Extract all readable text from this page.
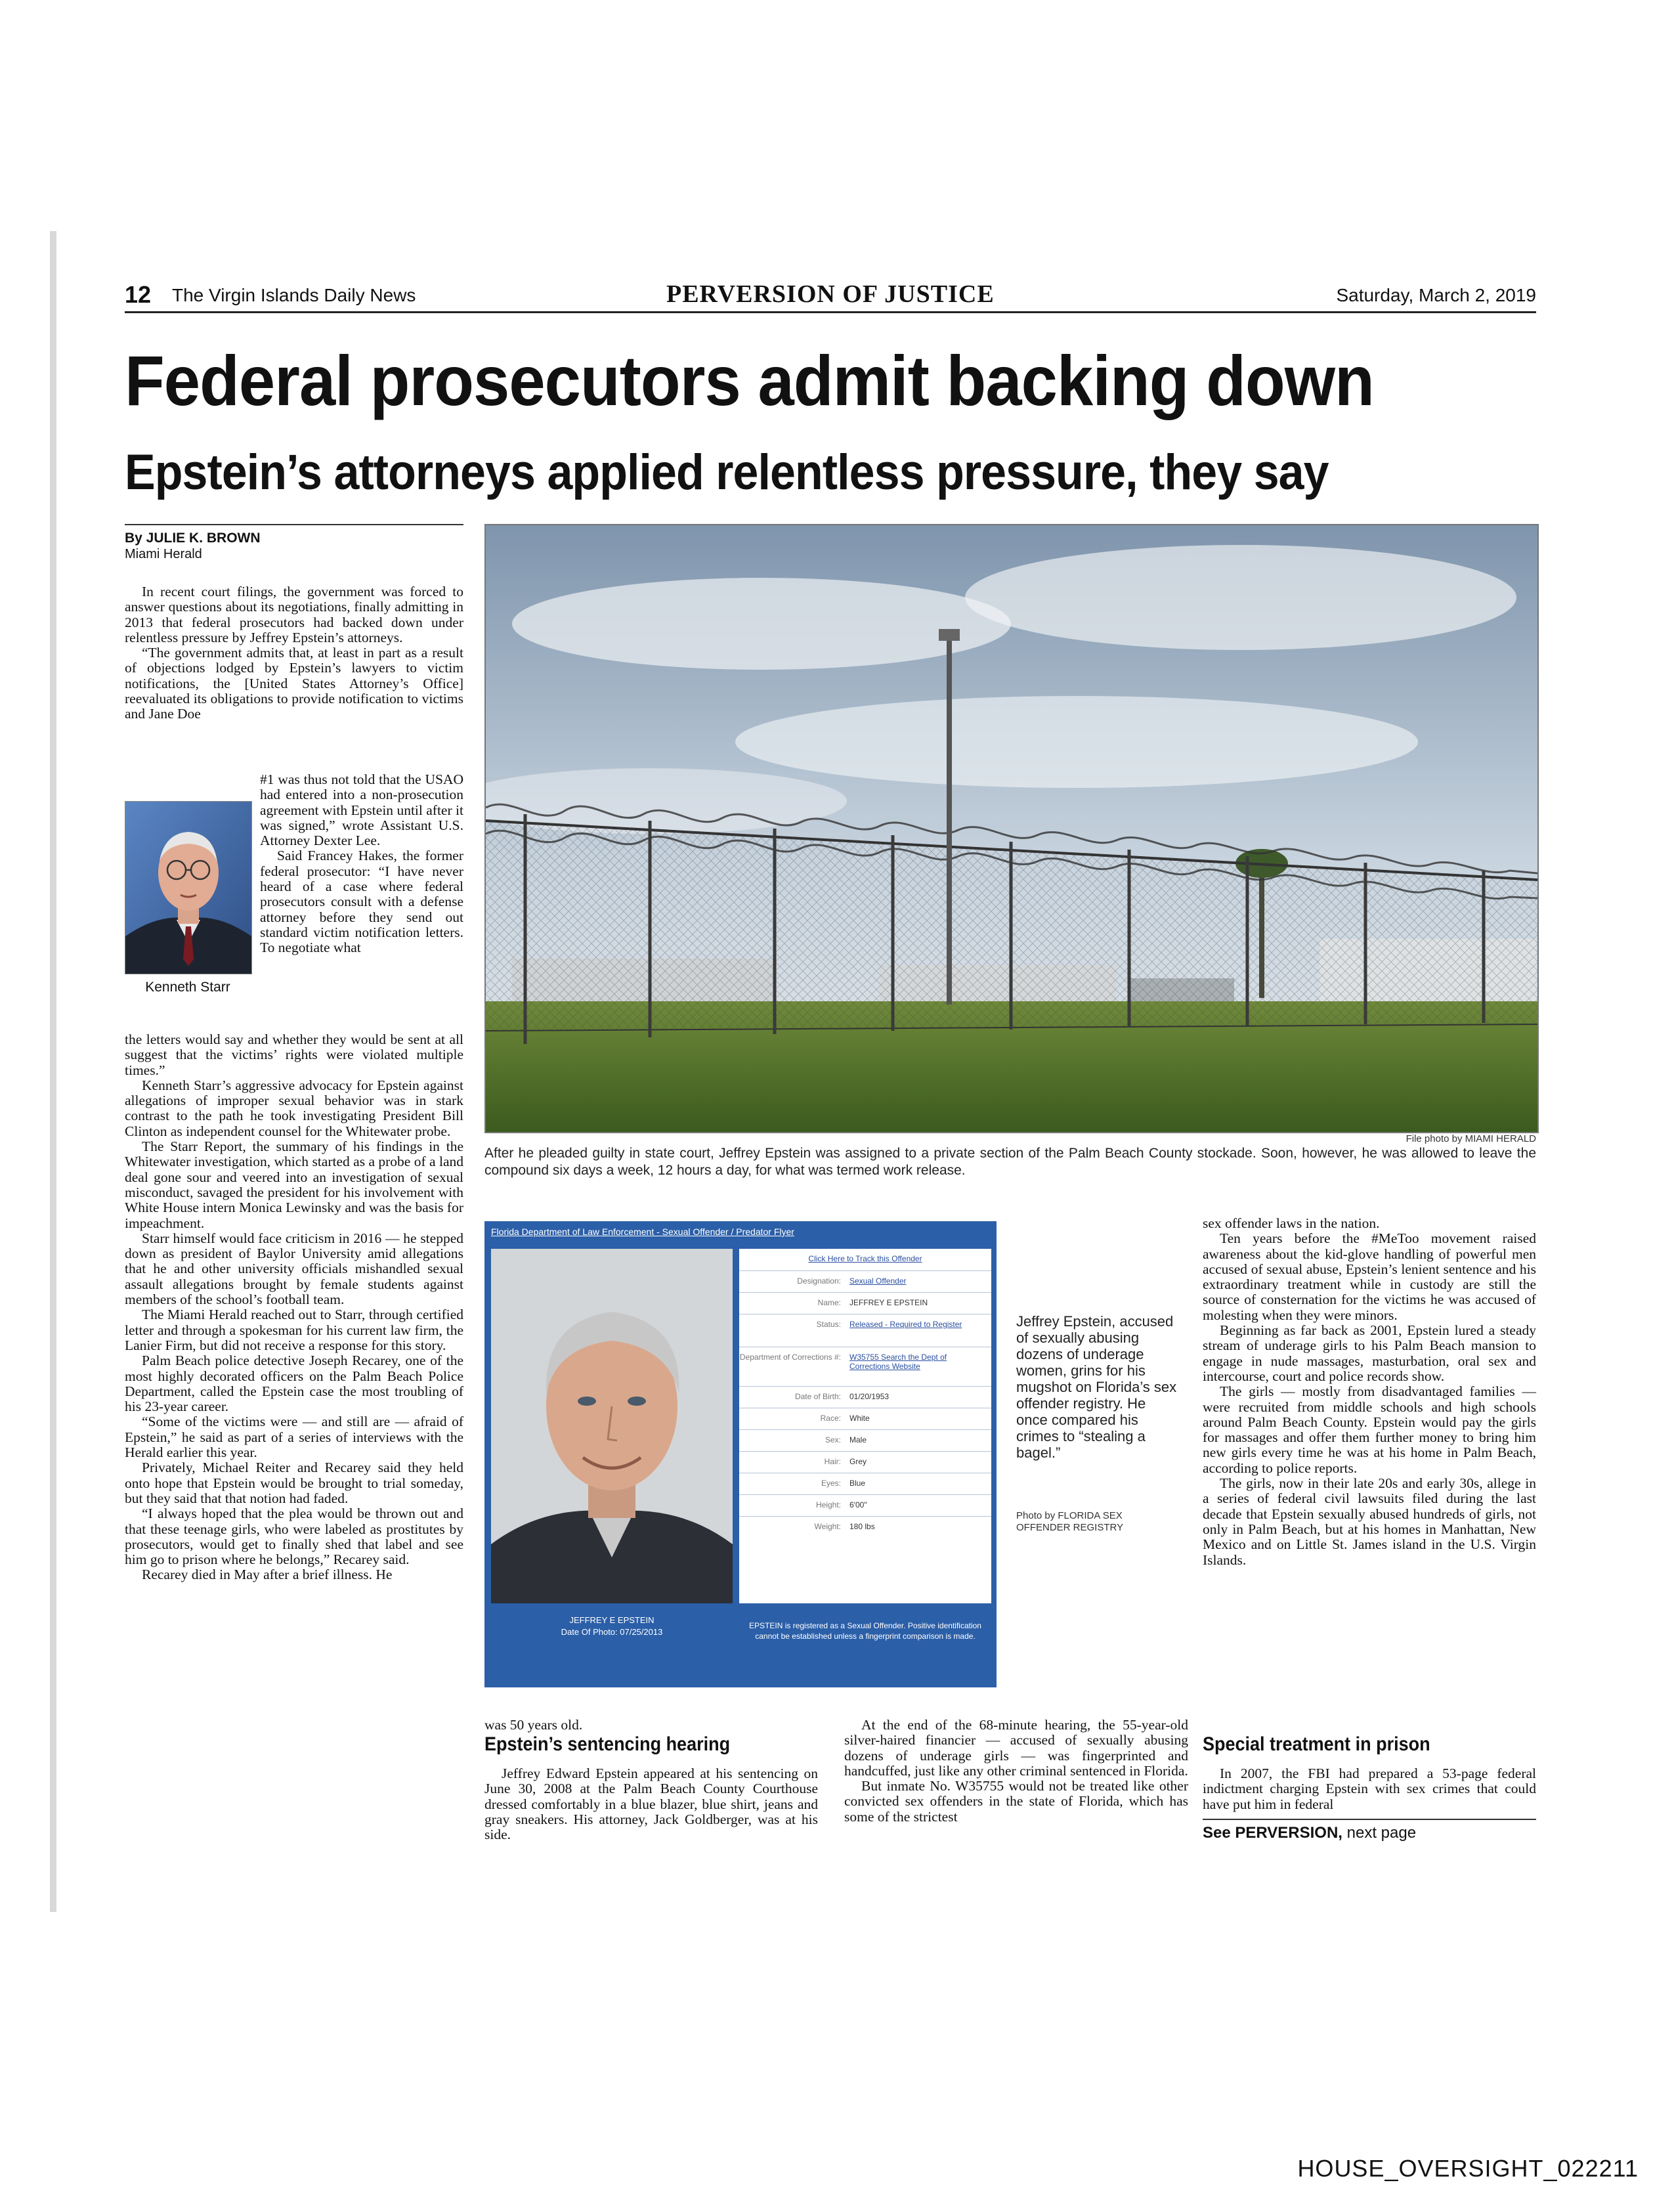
12 The Virgin Islands Daily News	PERVERSION OF JUSTICE	Saturday, March 2, 2019
Federal prosecutors admit backing down
Epstein’s attorneys applied relentless pressure, they say
By JULIE K. BROWN
Miami Herald

In recent court filings, the government was forced to answer questions about its negotiations, finally admitting in 2013 that federal prosecutors had backed down under relentless pressure by Jeffrey Epstein’s attorneys.

“The government admits that, at least in part as a result of objections lodged by Epstein’s lawyers to victim notifications, the [United States Attorney’s Office] reevaluated its obligations to provide notification to victims and Jane Doe

Kenneth Starr

#1 was thus not told that the USAO had entered into a non-prosecution agreement with Epstein until after it was signed,” wrote Assistant U.S. Attorney Dexter Lee.

Said Francey Hakes, the former federal prosecutor: “I have never heard of a case where federal prosecutors consult with a defense attorney before they send out standard victim notification letters. To negotiate what

the letters would say and whether they would be sent at all suggest that the victims’ rights were violated multiple times.”

Kenneth Starr’s aggressive advocacy for Epstein against allegations of improper sexual behavior was in stark contrast to the path he took investigating President Bill Clinton as independent counsel for the Whitewater probe.

The Starr Report, the summary of his findings in the Whitewater investigation, which started as a probe of a land deal gone sour and veered into an investigation of sexual misconduct, savaged the president for his involvement with White House intern Monica Lewinsky and was the basis for impeachment.

Starr himself would face criticism in 2016 — he stepped down as president of Baylor University amid allegations that he and other university officials mishandled sexual assault allegations brought by female students against members of the school’s football team.

The Miami Herald reached out to Starr, through certified letter and through a spokesman for his current law firm, the Lanier Firm, but did not receive a response for this story.

Palm Beach police detective Joseph Recarey, one of the most highly decorated officers on the Palm Beach Police Department, called the Epstein case the most troubling of his 23-year career.

“Some of the victims were — and still are — afraid of Epstein,” he said as part of a series of interviews with the Herald earlier this year.

Privately, Michael Reiter and Recarey said they held onto hope that Epstein would be brought to trial someday, but they said that that notion had faded.

“I always hoped that the plea would be thrown out and that these teenage girls, who were labeled as prostitutes by prosecutors, would get to finally shed that label and see him go to prison where he belongs,” Recarey said.

Recarey died in May after a brief illness. He

File photo by MIAMI HERALD
After he pleaded guilty in state court, Jeffrey Epstein was assigned to a private section of the Palm Beach County stockade. Soon, however, he was allowed to leave the compound six days a week, 12 hours a day, for what was termed work release.
Florida Department of Law Enforcement - Sexual Offender / Predator Flyer
JEFFREY E EPSTEIN
Date Of Photo: 07/25/2013
Click Here to Track this Offender
Designation: Sexual Offender
Name: JEFFREY E EPSTEIN
Status: Released - Required to Register
Department of Corrections #: W35755 Search the Dept of Corrections Website
Date of Birth: 01/20/1953
Race: White
Sex: Male
Hair: Grey
Eyes: Blue
Height: 6'00"
Weight: 180 lbs
EPSTEIN is registered as a Sexual Offender. Positive identification cannot be established unless a fingerprint comparison is made.
Jeffrey Epstein, accused of sexually abusing dozens of underage women, grins for his mugshot on Florida’s sex offender registry. He once compared his crimes to “stealing a bagel.”
Photo by FLORIDA SEX OFFENDER REGISTRY

was 50 years old.

Epstein’s sentencing hearing

Jeffrey Edward Epstein appeared at his sentencing on June 30, 2008 at the Palm Beach County Courthouse dressed comfortably in a blue blazer, blue shirt, jeans and gray sneakers. His attorney, Jack Goldberger, was at his side.

At the end of the 68-minute hearing, the 55-year-old silver-haired financier — accused of sexually abusing dozens of underage girls — was fingerprinted and handcuffed, just like any other criminal sentenced in Florida.

But inmate No. W35755 would not be treated like other convicted sex offenders in the state of Florida, which has some of the strictest

sex offender laws in the nation.

Ten years before the #MeToo movement raised awareness about the kid-glove handling of powerful men accused of sexual abuse, Epstein’s lenient sentence and his extraordinary treatment while in custody are still the source of consternation for the victims he was accused of molesting when they were minors.

Beginning as far back as 2001, Epstein lured a steady stream of underage girls to his Palm Beach mansion to engage in nude massages, masturbation, oral sex and intercourse, court and police records show.

The girls — mostly from disadvantaged families — were recruited from middle schools and high schools around Palm Beach County. Epstein would pay the girls for massages and offer them further money to bring him new girls every time he was at his home in Palm Beach, according to police reports.

The girls, now in their late 20s and early 30s, allege in a series of federal civil lawsuits filed during the last decade that Epstein sexually abused hundreds of girls, not only in Palm Beach, but at his homes in Manhattan, New Mexico and on Little St. James island in the U.S. Virgin Islands.

Special treatment in prison

In 2007, the FBI had prepared a 53-page federal indictment charging Epstein with sex crimes that could have put him in federal

See PERVERSION, next page
HOUSE_OVERSIGHT_022211
